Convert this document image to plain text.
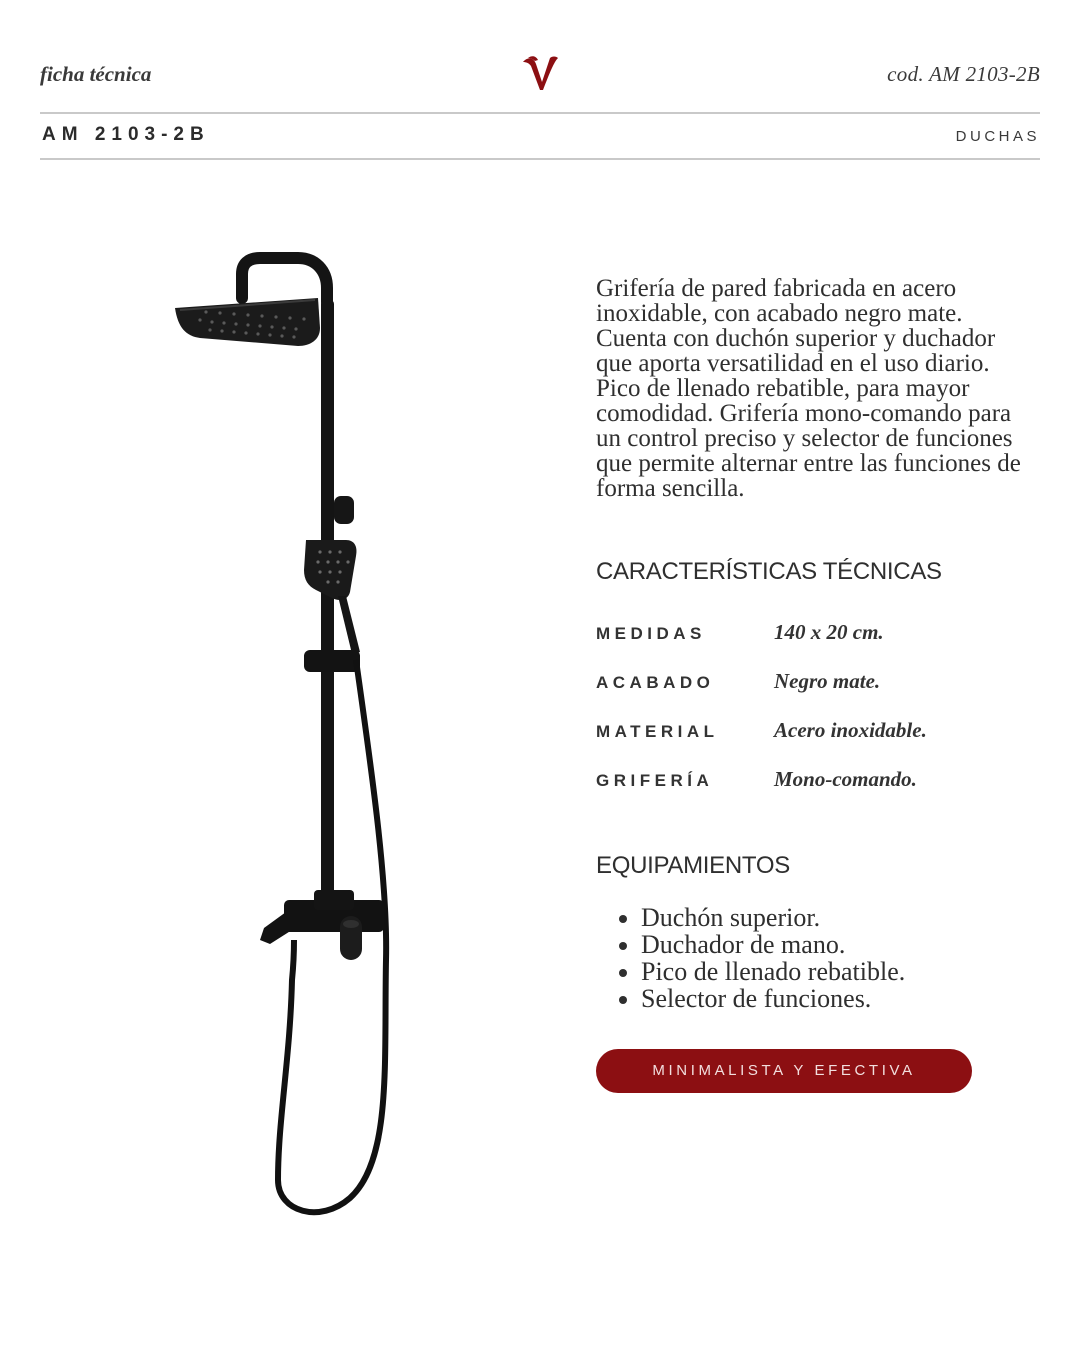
ficha técnica	cod. AM 2103-2B
AM 2103-2B	DUCHAS
Grifería de pared fabricada en acero inoxidable, con acabado negro mate. Cuenta con duchón superior y duchador que aporta versatilidad en el uso diario. Pico de llenado rebatible, para mayor comodidad. Grifería mono-comando para un control preciso y selector de funciones que permite alternar entre las funciones de forma sencilla.
CARACTERÍSTICAS TÉCNICAS
MEDIDAS	140 x 20 cm.
ACABADO	Negro mate.
MATERIAL	Acero inoxidable.
GRIFERÍA	Mono-comando.
EQUIPAMIENTOS
• Duchón superior.
• Duchador de mano.
• Pico de llenado rebatible.
• Selector de funciones.
MINIMALISTA Y EFECTIVA
